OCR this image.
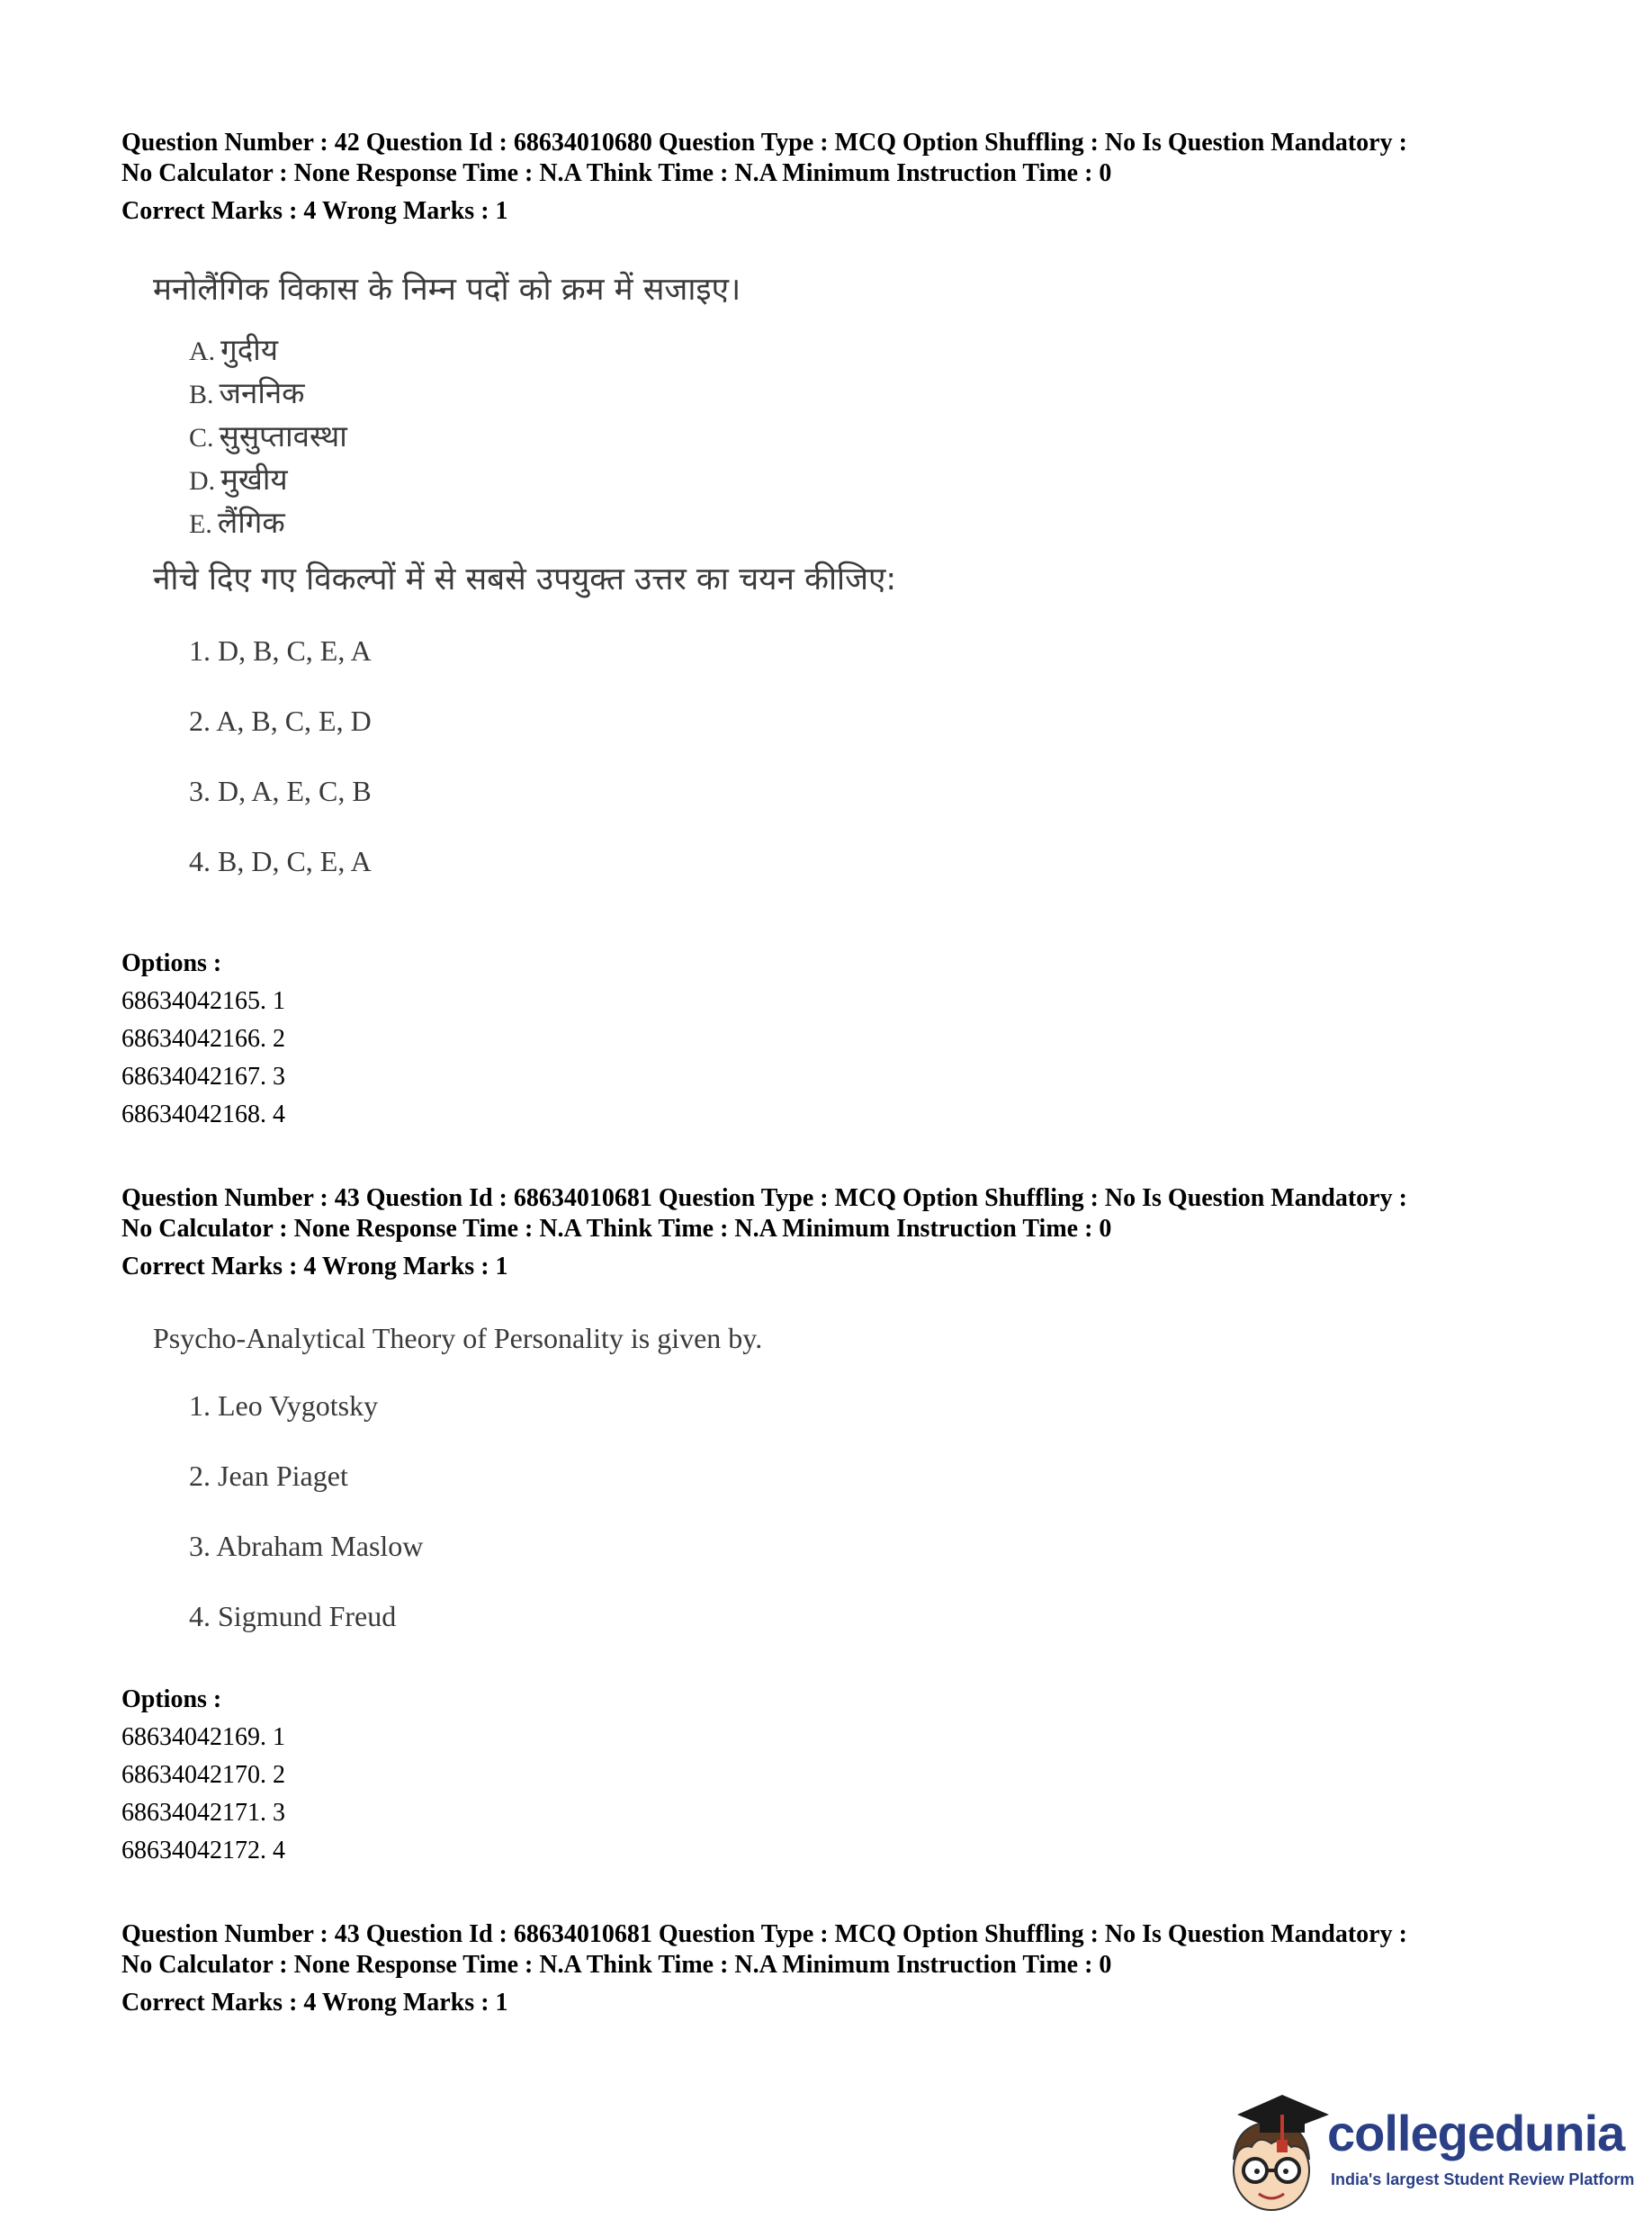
Question Number : 42 Question Id : 68634010680 Question Type : MCQ Option Shuffling : No Is Question Mandatory :
No Calculator : None Response Time : N.A Think Time : N.A Minimum Instruction Time : 0
Correct Marks : 4 Wrong Marks : 1
मनोलैंगिक विकास के निम्न पदों को क्रम में सजाइए।
A. गुदीय
B. जननिक
C. सुसुप्तावस्था
D. मुखीय
E. लैंगिक
नीचे दिए गए विकल्पों में से सबसे उपयुक्त उत्तर का चयन कीजिए:
1. D, B, C, E, A
2. A, B, C, E, D
3. D, A, E, C, B
4. B, D, C, E, A
Options :
68634042165. 1
68634042166. 2
68634042167. 3
68634042168. 4
Question Number : 43 Question Id : 68634010681 Question Type : MCQ Option Shuffling : No Is Question Mandatory :
No Calculator : None Response Time : N.A Think Time : N.A Minimum Instruction Time : 0
Correct Marks : 4 Wrong Marks : 1
Psycho-Analytical Theory of Personality is given by.
1. Leo Vygotsky
2. Jean Piaget
3. Abraham Maslow
4. Sigmund Freud
Options :
68634042169. 1
68634042170. 2
68634042171. 3
68634042172. 4
Question Number : 43 Question Id : 68634010681 Question Type : MCQ Option Shuffling : No Is Question Mandatory :
No Calculator : None Response Time : N.A Think Time : N.A Minimum Instruction Time : 0
Correct Marks : 4 Wrong Marks : 1
collegedunia
India's largest Student Review Platform
